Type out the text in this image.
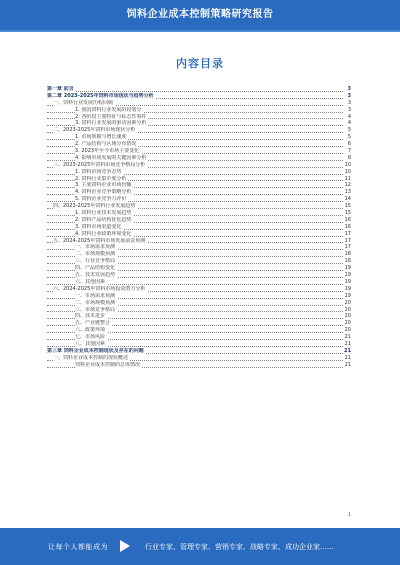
饲料企业成本控制策略研究报告
内容目录
第一章 前言	3
第二章 2023-2025年饲料市场现状与趋势分析	3
一、饲料行业发展历程回顾	3
1. 我国饲料行业发展阶段划分	3
2. 各阶段主要特征与标志性事件	4
3. 饲料行业发展的驱动因素分析	4
二、2023-2025年饲料市场现状分析	5
1. 市场规模与增长速度	5
2. 产品结构与区域分布情况	6
3. 2023年至今市场主要变化	7
4. 影响市场发展的关键因素分析	8
三、2023-2025年饲料市场竞争格局分析	10
1. 饲料市场竞争态势	10
2. 饲料行业集中度分析	11
3. 主要饲料企业市场份额	12
4. 饲料企业竞争策略分析	13
5. 饲料企业竞争力评价	14
四、2023-2025年饲料行业发展趋势	15
1. 饲料行业技术发展趋势	15
2. 饲料产品结构优化趋势	16
3. 饲料市场渠道变化	16
4. 饲料行业政策环境变化	17
五、2024-2025年饲料市场发展前景预测	17
一、市场需求预测	17
二、市场规模预测	18
三、行业竞争格局	18
四、产品结构变化	19
五、技术发展趋势	19
六、其他因素	19
六、2024-2025年饲料市场投资潜力分析	19
一、市场需求预测	19
二、市场规模预测	20
三、市场竞争格局	20
四、技术进步	20
五、产业链整合	20
六、政策环境	20
七、市场风险	21
八、其他因素	21
第三章 饲料企业成本控制现状及存在的问题	21
一、饲料企业成本控制的现状概述	21
饲料企业成本控制的总体情况	21
1
让每个人都能成为	行业专家、管理专家、营销专家、战略专家、成功企业家……
